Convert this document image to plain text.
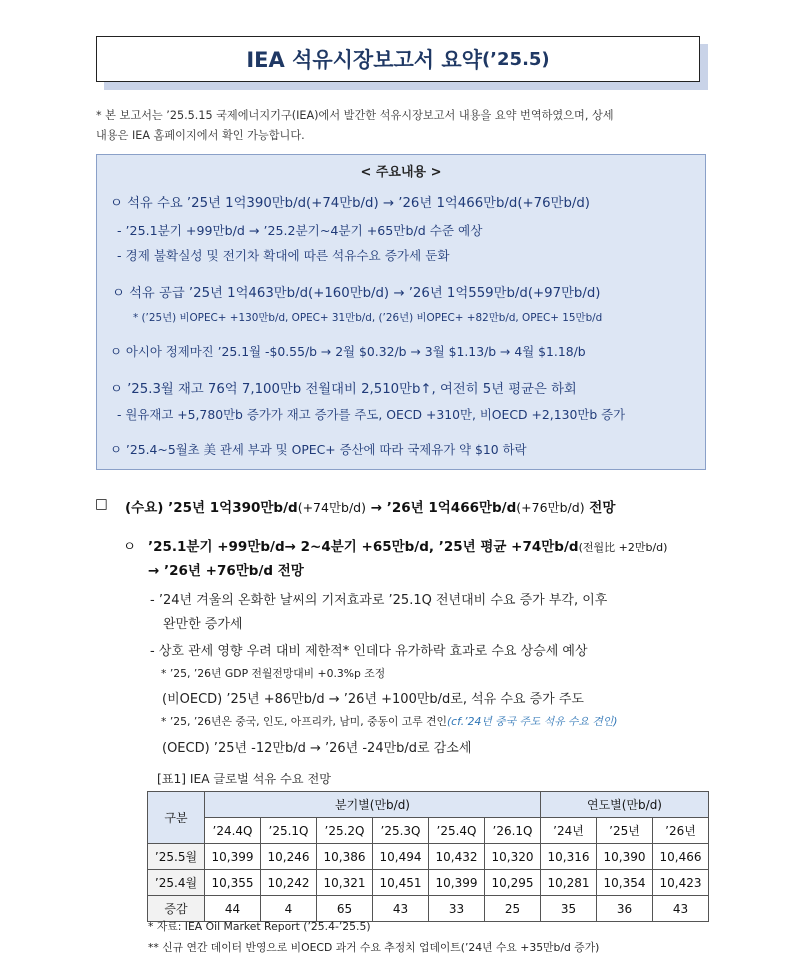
IEA 석유시장보고서 요약 (’25.5)
* 본 보고서는 ’25.5.15 국제에너지기구(IEA)에서 발간한 석유시장보고서 내용을 요약 번역하였으며, 상세
내용은 IEA 홈페이지에서 확인 가능합니다.
< 주요내용 >
ㅇ 석유 수요 ’25년 1억390만b/d(+74만b/d) → ’26년 1억466만b/d(+76만b/d)
- ’25.1분기 +99만b/d → ’25.2분기~4분기 +65만b/d 수준 예상
- 경제 불확실성 및 전기차 확대에 따른 석유수요 증가세 둔화
ㅇ 석유 공급 ’25년 1억463만b/d(+160만b/d) → ’26년 1억559만b/d(+97만b/d)
* (’25년) 비OPEC+ +130만b/d, OPEC+ 31만b/d, (’26년) 비OPEC+ +82만b/d, OPEC+ 15만b/d
ㅇ 아시아 정제마진 ’25.1월 -$0.55/b → 2월 $0.32/b → 3월 $1.13/b → 4월 $1.18/b
ㅇ ’25.3월 재고 76억 7,100만b 전월대비 2,510만b↑, 여전히 5년 평균은 하회
- 원유재고 +5,780만b 증가가 재고 증가를 주도, OECD +310만, 비OECD +2,130만b 증가
ㅇ ’25.4~5월초 美 관세 부과 및 OPEC+ 증산에 따라 국제유가 약 $10 하락
□ (수요) ’25년 1억390만b/d(+74만b/d) → ’26년 1억466만b/d(+76만b/d) 전망
ㅇ ’25.1분기 +99만b/d→ 2~4분기 +65만b/d, ’25년 평균 +74만b/d(전월比 +2만b/d)
→ ’26년 +76만b/d 전망
- ’24년 겨울의 온화한 날씨의 기저효과로 ’25.1Q 전년대비 수요 증가 부각, 이후
완만한 증가세
- 상호 관세 영향 우려 대비 제한적* 인데다 유가하락 효과로 수요 상승세 예상
* ’25, ’26년 GDP 전월전망대비 +0.3%p 조정
(비OECD) ’25년 +86만b/d → ’26년 +100만b/d로, 석유 수요 증가 주도
* ’25, ’26년은 중국, 인도, 아프리카, 남미, 중동이 고루 견인(cf.’24년 중국 주도 석유 수요 견인)
(OECD) ’25년 -12만b/d → ’26년 -24만b/d로 감소세
[표1] IEA 글로벌 석유 수요 전망
구분	분기별(만b/d)						연도별(만b/d)		
	’24.4Q	’25.1Q	’25.2Q	’25.3Q	’25.4Q	’26.1Q	’24년	’25년	’26년
’25.5월	10,399	10,246	10,386	10,494	10,432	10,320	10,316	10,390	10,466
’25.4월	10,355	10,242	10,321	10,451	10,399	10,295	10,281	10,354	10,423
증감	44	4	65	43	33	25	35	36	43
* 자료: IEA Oil Market Report (’25.4-’25.5)
** 신규 연간 데이터 반영으로 비OECD 과거 수요 추정치 업데이트(’24년 수요 +35만b/d 증가)
